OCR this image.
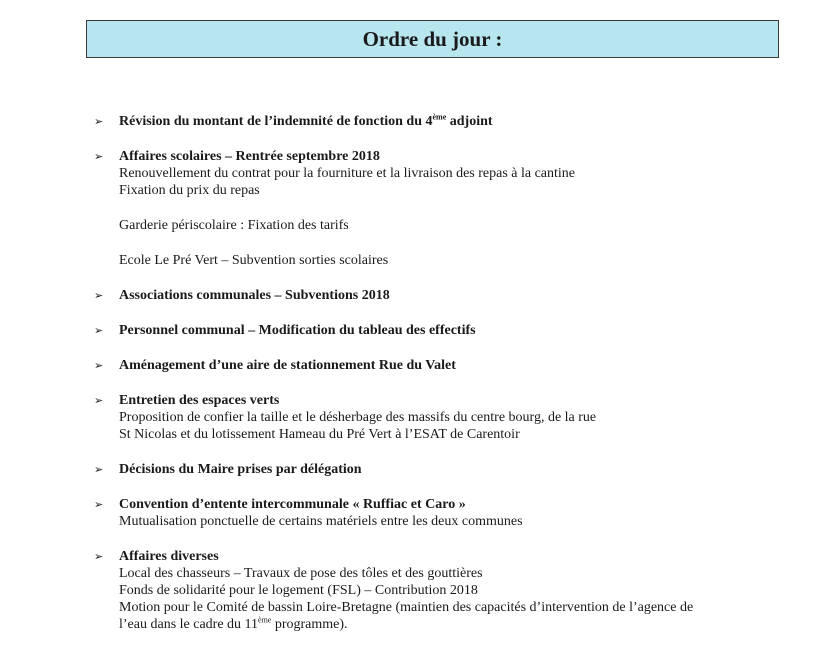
Ordre du jour :
➢ Révision du montant de l’indemnité de fonction du 4ème adjoint
➢ Affaires scolaires – Rentrée septembre 2018
Renouvellement du contrat pour la fourniture et la livraison des repas à la cantine
Fixation du prix du repas
Garderie périscolaire : Fixation des tarifs
Ecole Le Pré Vert – Subvention sorties scolaires
➢ Associations communales – Subventions 2018
➢ Personnel communal – Modification du tableau des effectifs
➢ Aménagement d’une aire de stationnement Rue du Valet
➢ Entretien des espaces verts
Proposition de confier la taille et le désherbage des massifs du centre bourg, de la rue
St Nicolas et du lotissement Hameau du Pré Vert à l’ESAT de Carentoir
➢ Décisions du Maire prises par délégation
➢ Convention d’entente intercommunale « Ruffiac et Caro »
Mutualisation ponctuelle de certains matériels entre les deux communes
➢ Affaires diverses
Local des chasseurs – Travaux de pose des tôles et des gouttières
Fonds de solidarité pour le logement (FSL) – Contribution 2018
Motion pour le Comité de bassin Loire-Bretagne (maintien des capacités d’intervention de l’agence de
l’eau dans le cadre du 11ème programme).
